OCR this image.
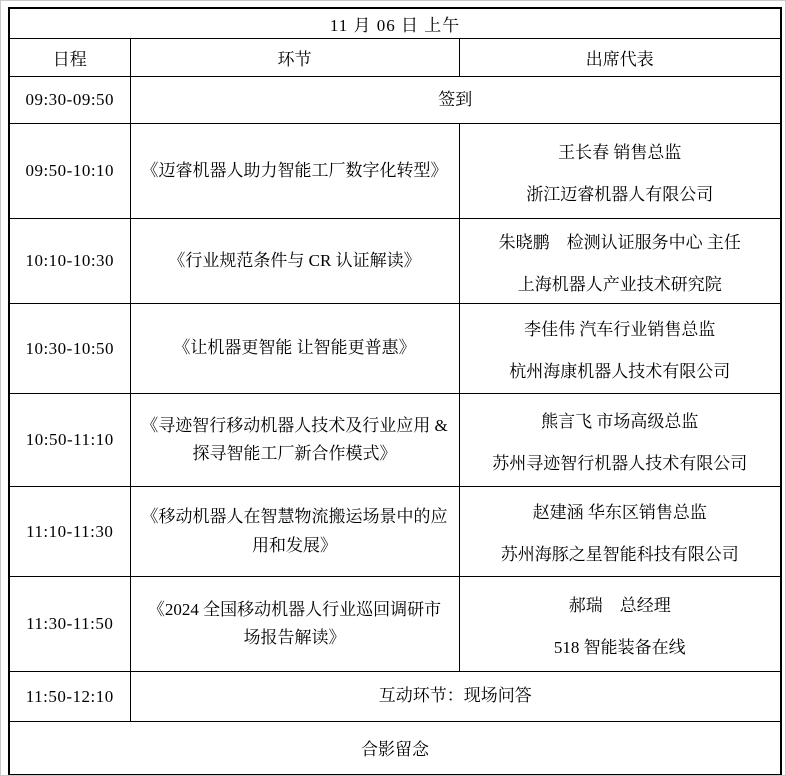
11 月 06 日 上午		
日程	环节	出席代表
09:30-09:50	签到	
09:50-10:10	《迈睿机器人助力智能工厂数字化转型》	王长春 销售总监
浙江迈睿机器人有限公司

10:10-10:30	《行业规范条件与 CR 认证解读》	朱晓鹏　检测认证服务中心 主任
上海机器人产业技术研究院

10:30-10:50	《让机器更智能 让智能更普惠》	李佳伟 汽车行业销售总监
杭州海康机器人技术有限公司

10:50-11:10	《寻迹智行移动机器人技术及行业应用 & 探寻智能工厂新合作模式》	熊言飞 市场高级总监
苏州寻迹智行机器人技术有限公司

11:10-11:30	《移动机器人在智慧物流搬运场景中的应用和发展》	赵建涵 华东区销售总监
苏州海豚之星智能科技有限公司

11:30-11:50	《2024 全国移动机器人行业巡回调研市场报告解读》	郝瑞　总经理
518 智能装备在线

11:50-12:10	互动环节：现场问答	
合影留念		
